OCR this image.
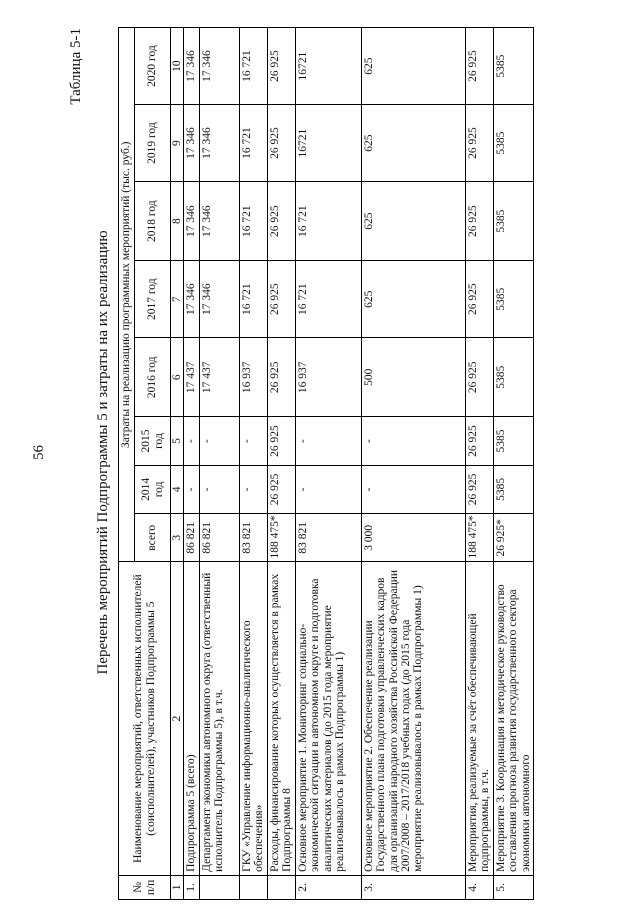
56
Таблица 5-1
Перечень мероприятий Подпрограммы 5 и затраты на их реализацию
№ п/п	Наименование мероприятий, ответственных исполнителей (соисполнителей), участников Подпрограммы 5	Затраты на реализацию программных мероприятий (тыс. руб.)							
		всего	2014 год	2015 год	2016 год	2017 год	2018 год	2019 год	2020 год
1	2	3	4	5	6	7	8	9	10
1.	Подпрограмма 5 (всего)	86 821	-	-	17 437	17 346	17 346	17 346	17 346
	Департамент экономики автономного округа (ответственный исполнитель Подпрограммы 5), в т.ч.	86 821	-	-	17 437	17 346	17 346	17 346	17 346
	ГКУ «Управление информационно-аналитического обеспечения»	83 821	-	-	16 937	16 721	16 721	16 721	16 721
	Расходы, финансирование которых осуществляется в рамках Подпрограммы 8	188 475*	26 925	26 925	26 925	26 925	26 925	26 925	26 925
2.	Основное мероприятие 1. Мониторинг социально-экономической ситуации в автономном округе и подготовка аналитических материалов (до 2015 года мероприятие реализовывалось в рамках Подпрограммы 1)	83 821	-	-	16 937	16 721	16 721	16721	16721
3.	Основное мероприятие 2. Обеспечение реализации Государственного плана подготовки управленческих кадров для организаций народного хозяйства Российской Федерации 2007/2008 – 2017/2018 учебных годах (до 2015 года мероприятие реализовывалось в рамках Подпрограммы 1)	3 000	-	-	500	625	625	625	625
4.	Мероприятия, реализуемые за счёт обеспечивающей подпрограммы, в т.ч.	188 475*	26 925	26 925	26 925	26 925	26 925	26 925	26 925
5.	Мероприятие 3. Координация и методическое руководство составления прогноза развития государственного сектора экономики автономного	26 925*	5385	5385	5385	5385	5385	5385	5385
